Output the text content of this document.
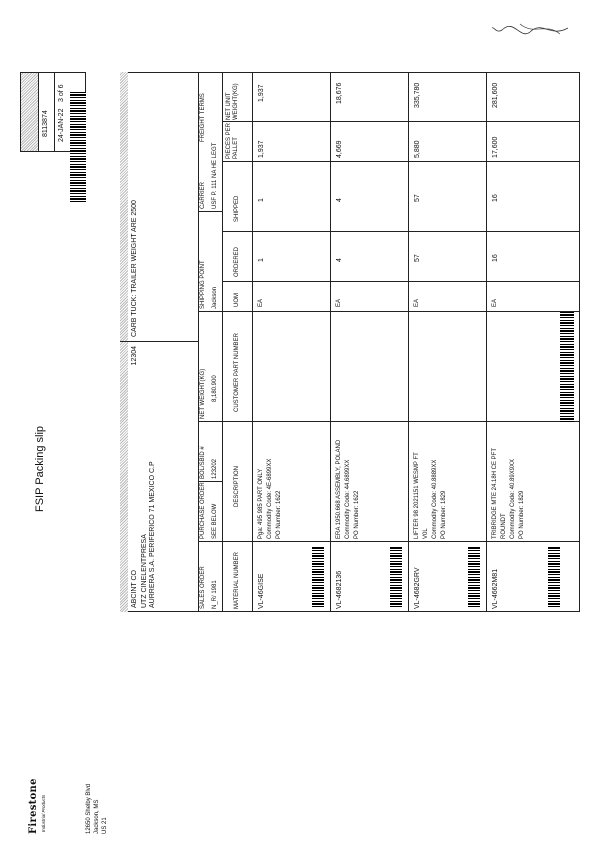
FSIP Packing slip
Firestone Industrial Products	12650 Shelby Blvd Jackson, MS US 21
8113874 24-JAN-22
3 of 6
ABCINT CO
12304
UTZ CINELENTPRESA AURRERA S.A. PERIFERICO 71 MEXICO C.P
CARB TUCK: TRAILER WEIGHT ARE 2500
SALES ORDER N_R/ 1981
PURCHASE ORDER SEE BELOW
BOL/SBID # 123202
NET WEIGHT(KG) 8,180.900
SHIPPING POINT Jackson
CARRIER USF P. 111 NA HE LEGT
FREIGHT TERMS
MATERIAL NUMBER
DESCRIPTION
CUSTOMER PART NUMBER
UOM
ORDERED
SHIPPED
PIECES PER PALLET
NET UNIT WEIGHT(KG)
VL-46GISE
Pga: 495 985 PART ONLY Commodity Code: 4E-6899XX PO Number: 1622
EA
1
1
1,937
1,937
VL-4682136
ERA 1950.668 ASSEMBLY, POLAND Commodity Code: 44.6899XX PO Number: 1622
EA
4
4
4,669
18,676
VL-4682GRV
LIFTER 98 2021151 WESMP FT V0L Commodity Code: 40.8889XX PO Number: 1829
EA
57
57
5,880
335,780
VL-4662M81
TRIBRIDGE MTE 24.18H CE PFT ROUNDT Commodity Code: 40.89X9XX PO Number: 1829
EA
16
16
17,600
281,600
